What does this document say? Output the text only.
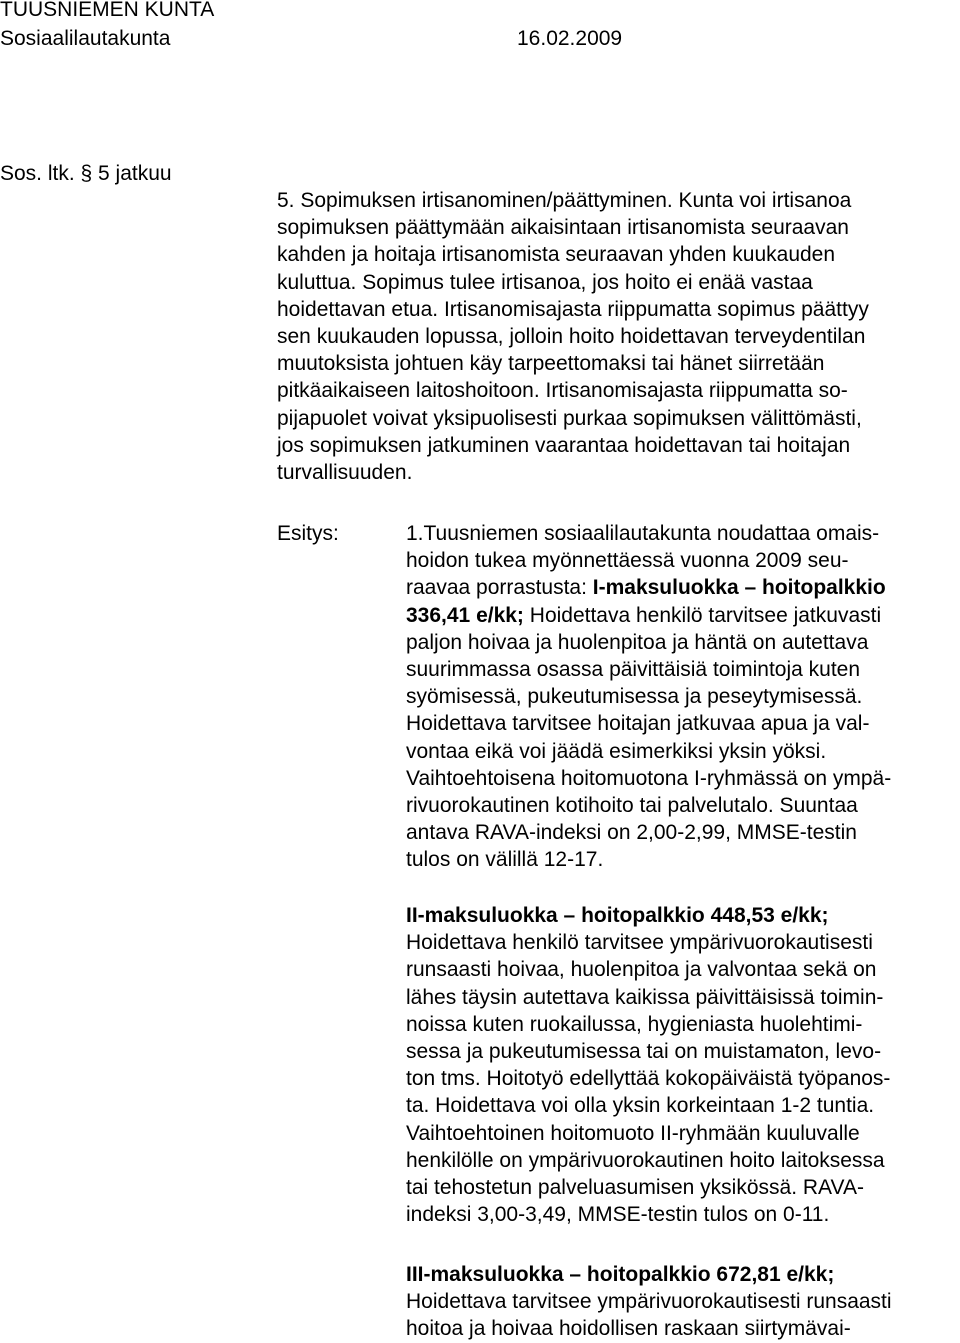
TUUSNIEMEN KUNTA
Sosiaalilautakunta	16.02.2009
Sos. ltk. § 5 jatkuu
5. Sopimuksen irtisanominen/päättyminen. Kunta voi irtisanoa
sopimuksen päättymään aikaisintaan irtisanomista seuraavan
kahden ja hoitaja irtisanomista seuraavan yhden kuukauden
kuluttua. Sopimus tulee irtisanoa, jos hoito ei enää vastaa
hoidettavan etua. Irtisanomisajasta riippumatta sopimus päättyy
sen kuukauden lopussa, jolloin hoito hoidettavan terveydentilan
muutoksista johtuen käy tarpeettomaksi tai hänet siirretään
pitkäaikaiseen laitoshoitoon. Irtisanomisajasta riippumatta so-
pijapuolet voivat yksipuolisesti purkaa sopimuksen välittömästi,
jos sopimuksen jatkuminen vaarantaa hoidettavan tai hoitajan
turvallisuuden.
Esitys:	1.Tuusniemen sosiaalilautakunta noudattaa omais-
hoidon tukea myönnettäessä vuonna 2009 seu-
raavaa porrastusta: I-maksuluokka – hoitopalkkio
336,41 e/kk; Hoidettava henkilö tarvitsee jatkuvasti
paljon hoivaa ja huolenpitoa ja häntä on autettava
suurimmassa osassa päivittäisiä toimintoja kuten
syömisessä, pukeutumisessa ja peseytymisessä.
Hoidettava tarvitsee hoitajan jatkuvaa apua ja val-
vontaa eikä voi jäädä esimerkiksi yksin yöksi.
Vaihtoehtoisena hoitomuotona I-ryhmässä on ympä-
rivuorokautinen kotihoito tai palvelutalo. Suuntaa
antava RAVA-indeksi on 2,00-2,99, MMSE-testin
tulos on välillä 12-17.
II-maksuluokka – hoitopalkkio 448,53 e/kk;
Hoidettava henkilö tarvitsee ympärivuorokautisesti
runsaasti hoivaa, huolenpitoa ja valvontaa sekä on
lähes täysin autettava kaikissa päivittäisissä toimin-
noissa kuten ruokailussa, hygieniasta huolehtimi-
sessa ja pukeutumisessa tai on muistamaton, levo-
ton tms. Hoitotyö edellyttää kokopäiväistä työpanos-
ta. Hoidettava voi olla yksin korkeintaan 1-2 tuntia.
Vaihtoehtoinen hoitomuoto II-ryhmään kuuluvalle
henkilölle on ympärivuorokautinen hoito laitoksessa
tai tehostetun palveluasumisen yksikössä. RAVA-
indeksi 3,00-3,49, MMSE-testin tulos on 0-11.
III-maksuluokka – hoitopalkkio 672,81 e/kk;
Hoidettava tarvitsee ympärivuorokautisesti runsaasti
hoitoa ja hoivaa hoidollisen raskaan siirtymävai-
